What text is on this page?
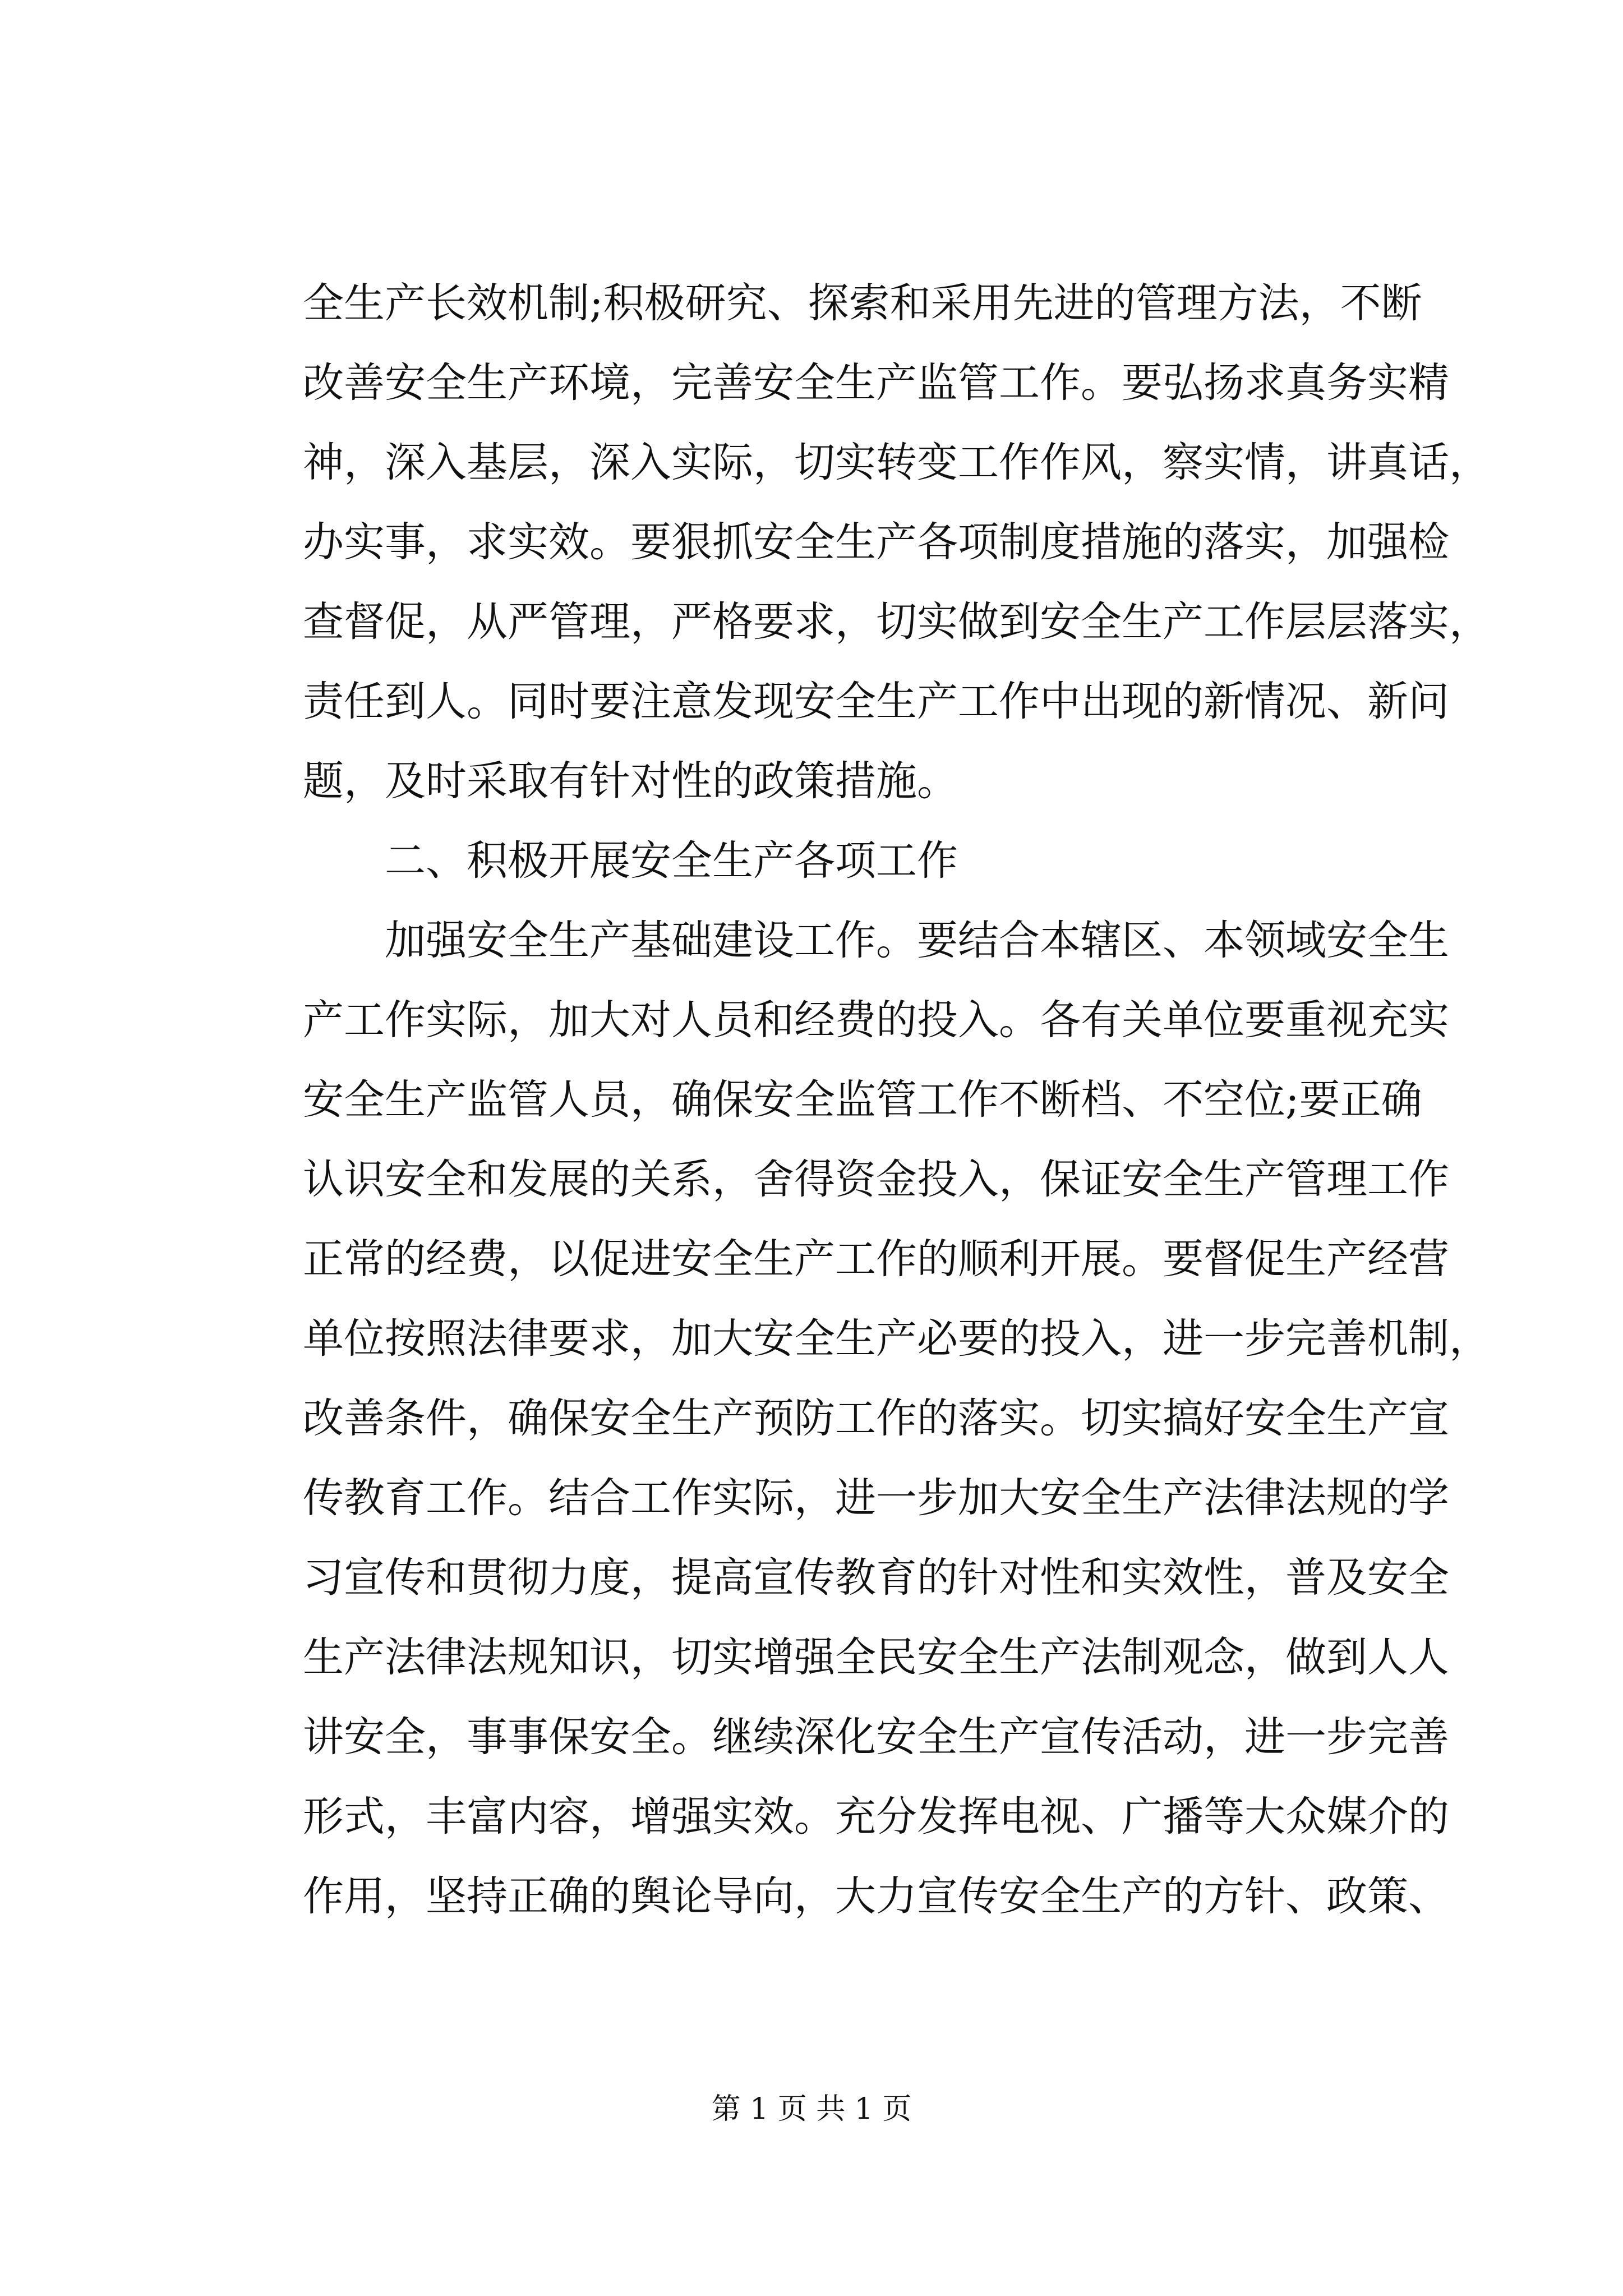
全生产长效机制;积极研究、探索和采用先进的管理方法，不断
改善安全生产环境，完善安全生产监管工作。要弘扬求真务实精
神，深入基层，深入实际，切实转变工作作风，察实情，讲真话，
办实事，求实效。要狠抓安全生产各项制度措施的落实，加强检
查督促，从严管理，严格要求，切实做到安全生产工作层层落实，
责任到人。同时要注意发现安全生产工作中出现的新情况、新问
题，及时采取有针对性的政策措施。
二、积极开展安全生产各项工作
加强安全生产基础建设工作。要结合本辖区、本领域安全生
产工作实际，加大对人员和经费的投入。各有关单位要重视充实
安全生产监管人员，确保安全监管工作不断档、不空位;要正确
认识安全和发展的关系，舍得资金投入，保证安全生产管理工作
正常的经费，以促进安全生产工作的顺利开展。要督促生产经营
单位按照法律要求，加大安全生产必要的投入，进一步完善机制，
改善条件，确保安全生产预防工作的落实。切实搞好安全生产宣
传教育工作。结合工作实际，进一步加大安全生产法律法规的学
习宣传和贯彻力度，提高宣传教育的针对性和实效性，普及安全
生产法律法规知识，切实增强全民安全生产法制观念，做到人人
讲安全，事事保安全。继续深化安全生产宣传活动，进一步完善
形式，丰富内容，增强实效。充分发挥电视、广播等大众媒介的
作用，坚持正确的舆论导向，大力宣传安全生产的方针、政策、
第 1 页 共 1 页
